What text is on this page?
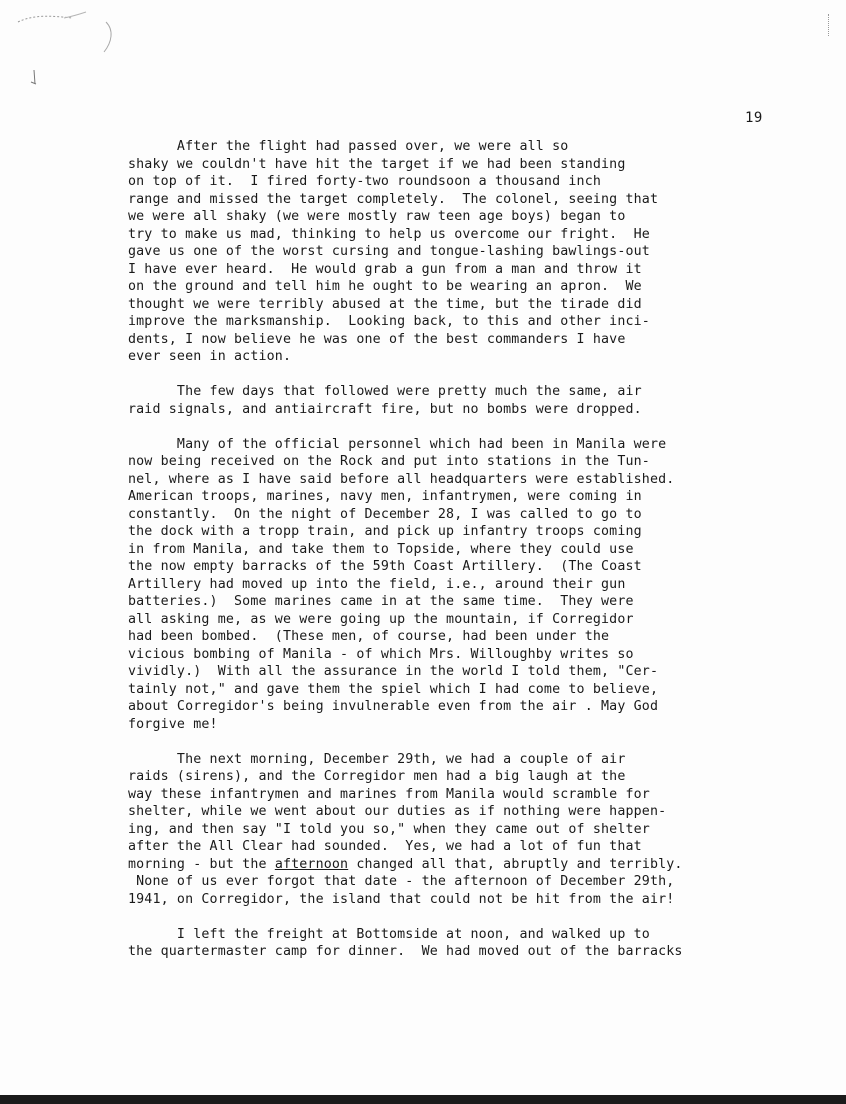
19

After the flight had passed over, we were all so
shaky we couldn't have hit the target if we had been standing
on top of it.  I fired forty-two roundsoon a thousand inch
range and missed the target completely.  The colonel, seeing that
we were all shaky (we were mostly raw teen age boys) began to
try to make us mad, thinking to help us overcome our fright.  He
gave us one of the worst cursing and tongue-lashing bawlings-out
I have ever heard.  He would grab a gun from a man and throw it
on the ground and tell him he ought to be wearing an apron.  We
thought we were terribly abused at the time, but the tirade did
improve the marksmanship.  Looking back, to this and other inci-
dents, I now believe he was one of the best commanders I have
ever seen in action.

The few days that followed were pretty much the same, air
raid signals, and antiaircraft fire, but no bombs were dropped.

Many of the official personnel which had been in Manila were
now being received on the Rock and put into stations in the Tun-
nel, where as I have said before all headquarters were established.
American troops, marines, navy men, infantrymen, were coming in
constantly.  On the night of December 28, I was called to go to
the dock with a tropp train, and pick up infantry troops coming
in from Manila, and take them to Topside, where they could use
the now empty barracks of the 59th Coast Artillery.  (The Coast
Artillery had moved up into the field, i.e., around their gun
batteries.)  Some marines came in at the same time.  They were
all asking me, as we were going up the mountain, if Corregidor
had been bombed.  (These men, of course, had been under the
vicious bombing of Manila - of which Mrs. Willoughby writes so
vividly.)  With all the assurance in the world I told them, "Cer-
tainly not," and gave them the spiel which I had come to believe,
about Corregidor's being invulnerable even from the air . May God
forgive me!

The next morning, December 29th, we had a couple of air
raids (sirens), and the Corregidor men had a big laugh at the
way these infantrymen and marines from Manila would scramble for
shelter, while we went about our duties as if nothing were happen-
ing, and then say "I told you so," when they came out of shelter
after the All Clear had sounded.  Yes, we had a lot of fun that
morning - but the afternoon changed all that, abruptly and terribly.
None of us ever forgot that date - the afternoon of December 29th,
1941, on Corregidor, the island that could not be hit from the air!

I left the freight at Bottomside at noon, and walked up to
the quartermaster camp for dinner.  We had moved out of the barracks
